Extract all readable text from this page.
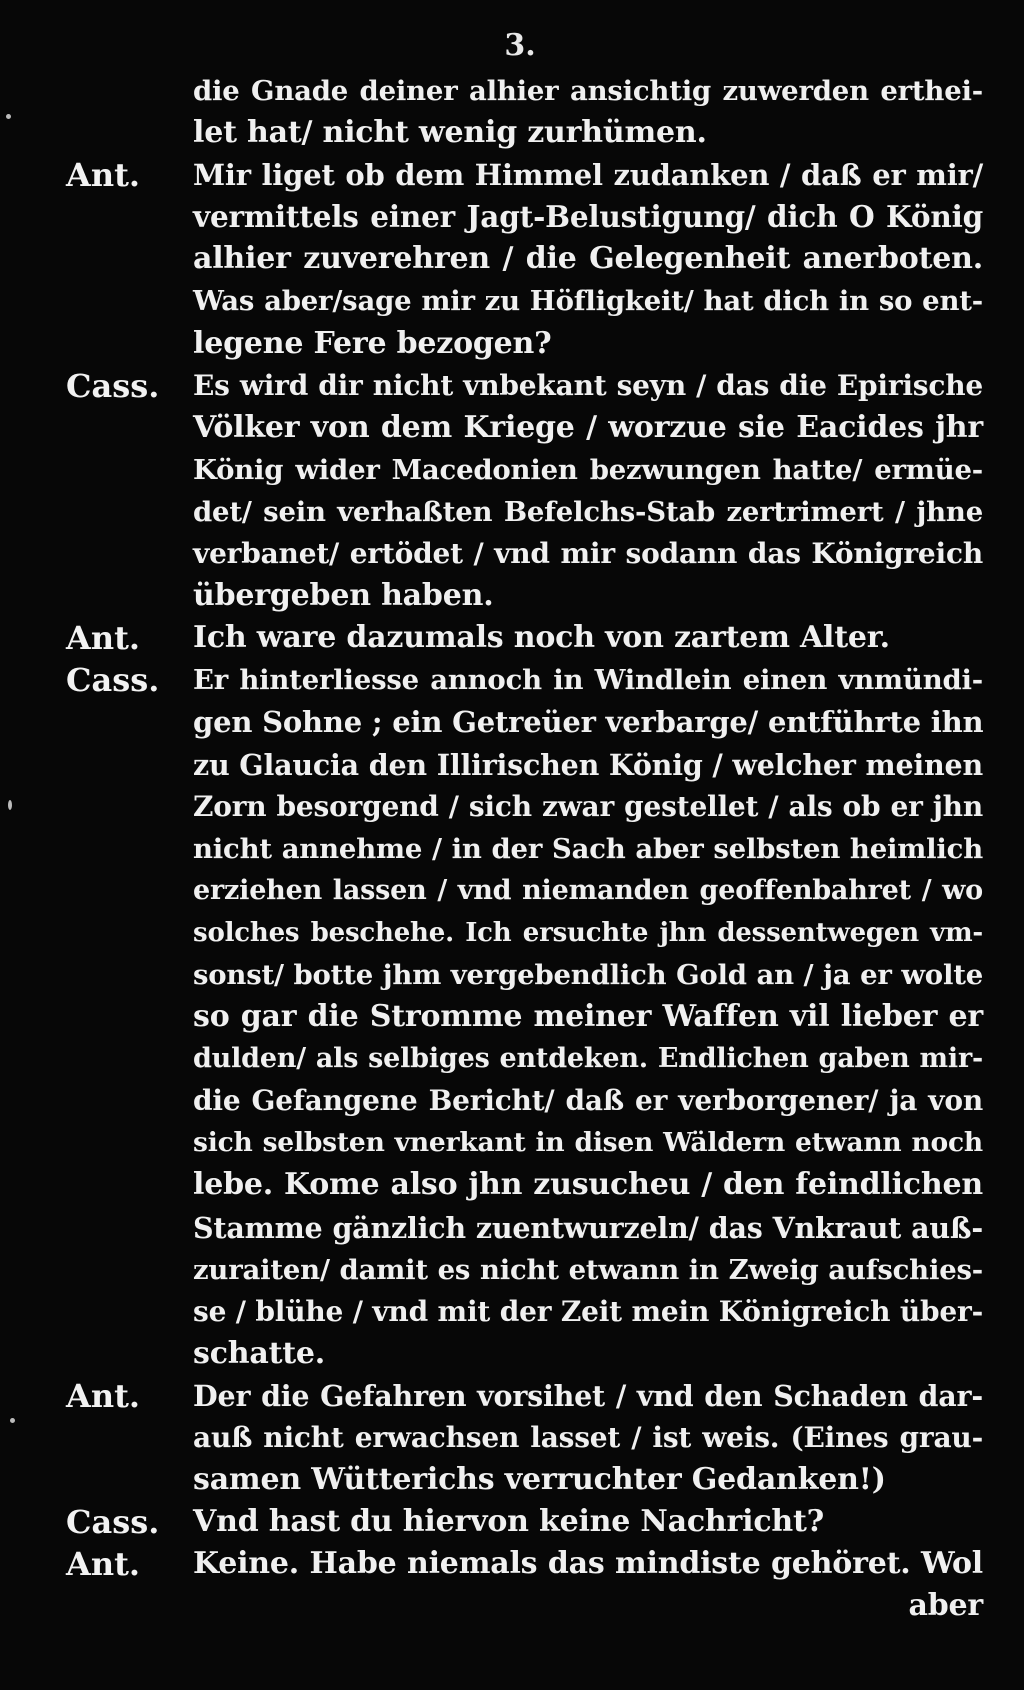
3.
die Gnade deiner alhier ansichtig zuwerden erthei-
let hat/ nicht wenig zurhümen.
Ant.	Mir liget ob dem Himmel zudanken / daß er mir/
vermittels einer Jagt-Belustigung/ dich O König
alhier zuverehren / die Gelegenheit anerboten.
Was aber/sage mir zu Höfligkeit/ hat dich in so ent-
legene Fere bezogen?
Cass.	Es wird dir nicht vnbekant seyn / das die Epirische
Völker von dem Kriege / worzue sie Eacides jhr
König wider Macedonien bezwungen hatte/ ermüe-
det/ sein verhaßten Befelchs-Stab zertrimert / jhne
verbanet/ ertödet / vnd mir sodann das Königreich
übergeben haben.
Ant.	Ich ware dazumals noch von zartem Alter.
Cass.	Er hinterliesse annoch in Windlein einen vnmündi-
gen Sohne ; ein Getreüer verbarge/ entführte ihn
zu Glaucia den Illirischen König / welcher meinen
Zorn besorgend / sich zwar gestellet / als ob er jhn
nicht annehme / in der Sach aber selbsten heimlich
erziehen lassen / vnd niemanden geoffenbahret / wo
solches beschehe. Ich ersuchte jhn dessentwegen vm-
sonst/ botte jhm vergebendlich Gold an / ja er wolte
so gar die Stromme meiner Waffen vil lieber er
dulden/ als selbiges entdeken. Endlichen gaben mir-
die Gefangene Bericht/ daß er verborgener/ ja von
sich selbsten vnerkant in disen Wäldern etwann noch
lebe. Kome also jhn zusucheu / den feindlichen
Stamme gänzlich zuentwurzeln/ das Vnkraut auß-
zuraiten/ damit es nicht etwann in Zweig aufschies-
se / blühe / vnd mit der Zeit mein Königreich über-
schatte.
Ant.	Der die Gefahren vorsihet / vnd den Schaden dar-
auß nicht erwachsen lasset / ist weis. (Eines grau-
samen Wütterichs verruchter Gedanken!)
Cass.	Vnd hast du hiervon keine Nachricht?
Ant.	Keine. Habe niemals das mindiste gehöret. Wol
aber
